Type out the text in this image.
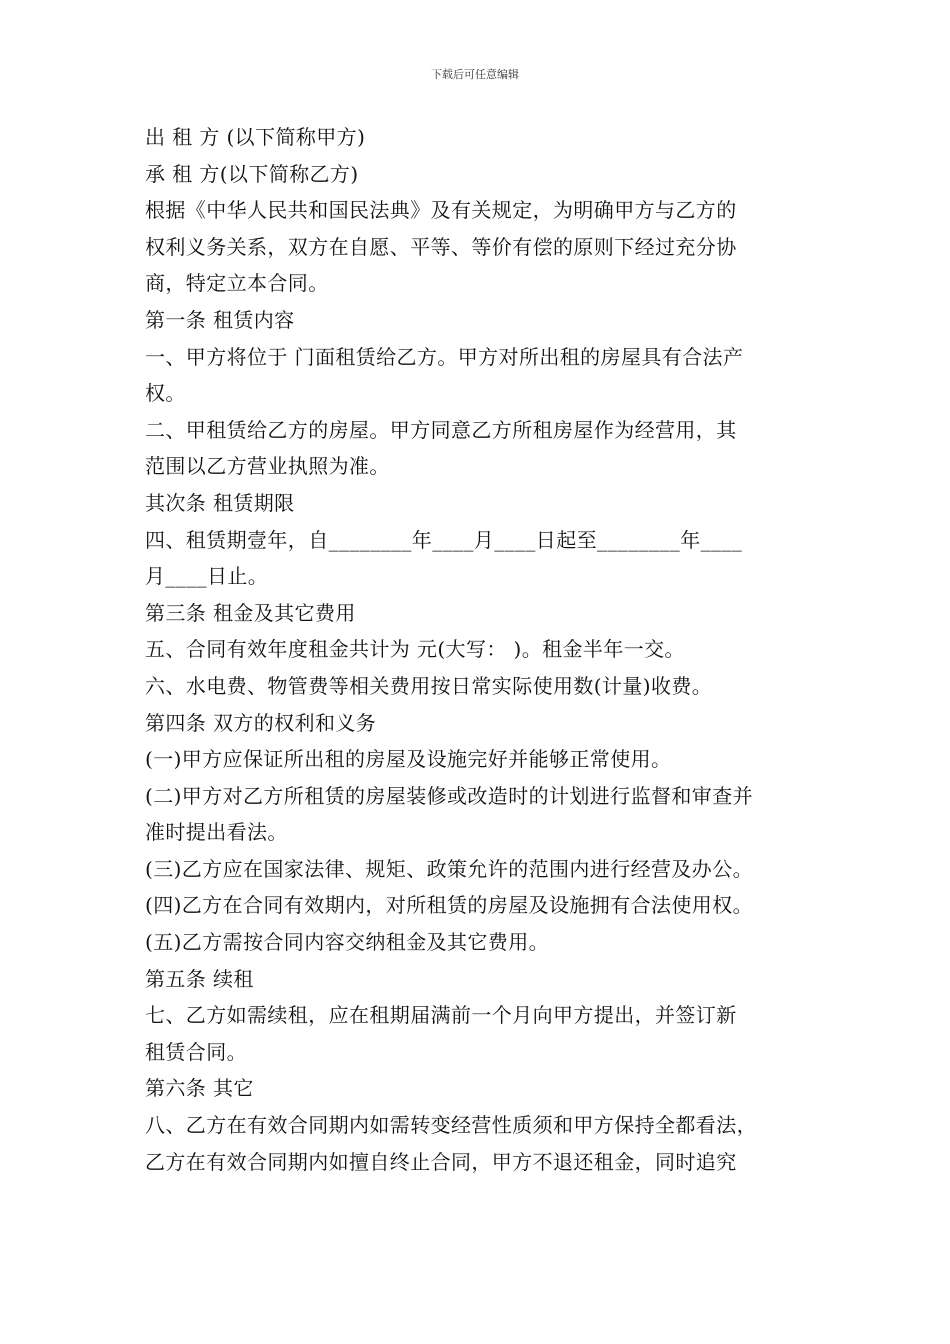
下载后可任意编辑
出 租 方 (以下简称甲方)
承 租 方(以下简称乙方)
根据《中华人民共和国民法典》及有关规定，为明确甲方与乙方的
权利义务关系，双方在自愿、平等、等价有偿的原则下经过充分协
商，特定立本合同。
第一条 租赁内容
一、甲方将位于 门面租赁给乙方。甲方对所出租的房屋具有合法产
权。
二、甲租赁给乙方的房屋。甲方同意乙方所租房屋作为经营用，其
范围以乙方营业执照为准。
其次条 租赁期限
四、租赁期壹年，自________年____月____日起至________年____
月____日止。
第三条 租金及其它费用
五、合同有效年度租金共计为 元(大写： )。租金半年一交。
六、水电费、物管费等相关费用按日常实际使用数(计量)收费。
第四条 双方的权利和义务
(一)甲方应保证所出租的房屋及设施完好并能够正常使用。
(二)甲方对乙方所租赁的房屋装修或改造时的计划进行监督和审查并
准时提出看法。
(三)乙方应在国家法律、规矩、政策允许的范围内进行经营及办公。
(四)乙方在合同有效期内，对所租赁的房屋及设施拥有合法使用权。
(五)乙方需按合同内容交纳租金及其它费用。
第五条 续租
七、乙方如需续租，应在租期届满前一个月向甲方提出，并签订新
租赁合同。
第六条 其它
八、乙方在有效合同期内如需转变经营性质须和甲方保持全都看法，
乙方在有效合同期内如擅自终止合同，甲方不退还租金，同时追究
